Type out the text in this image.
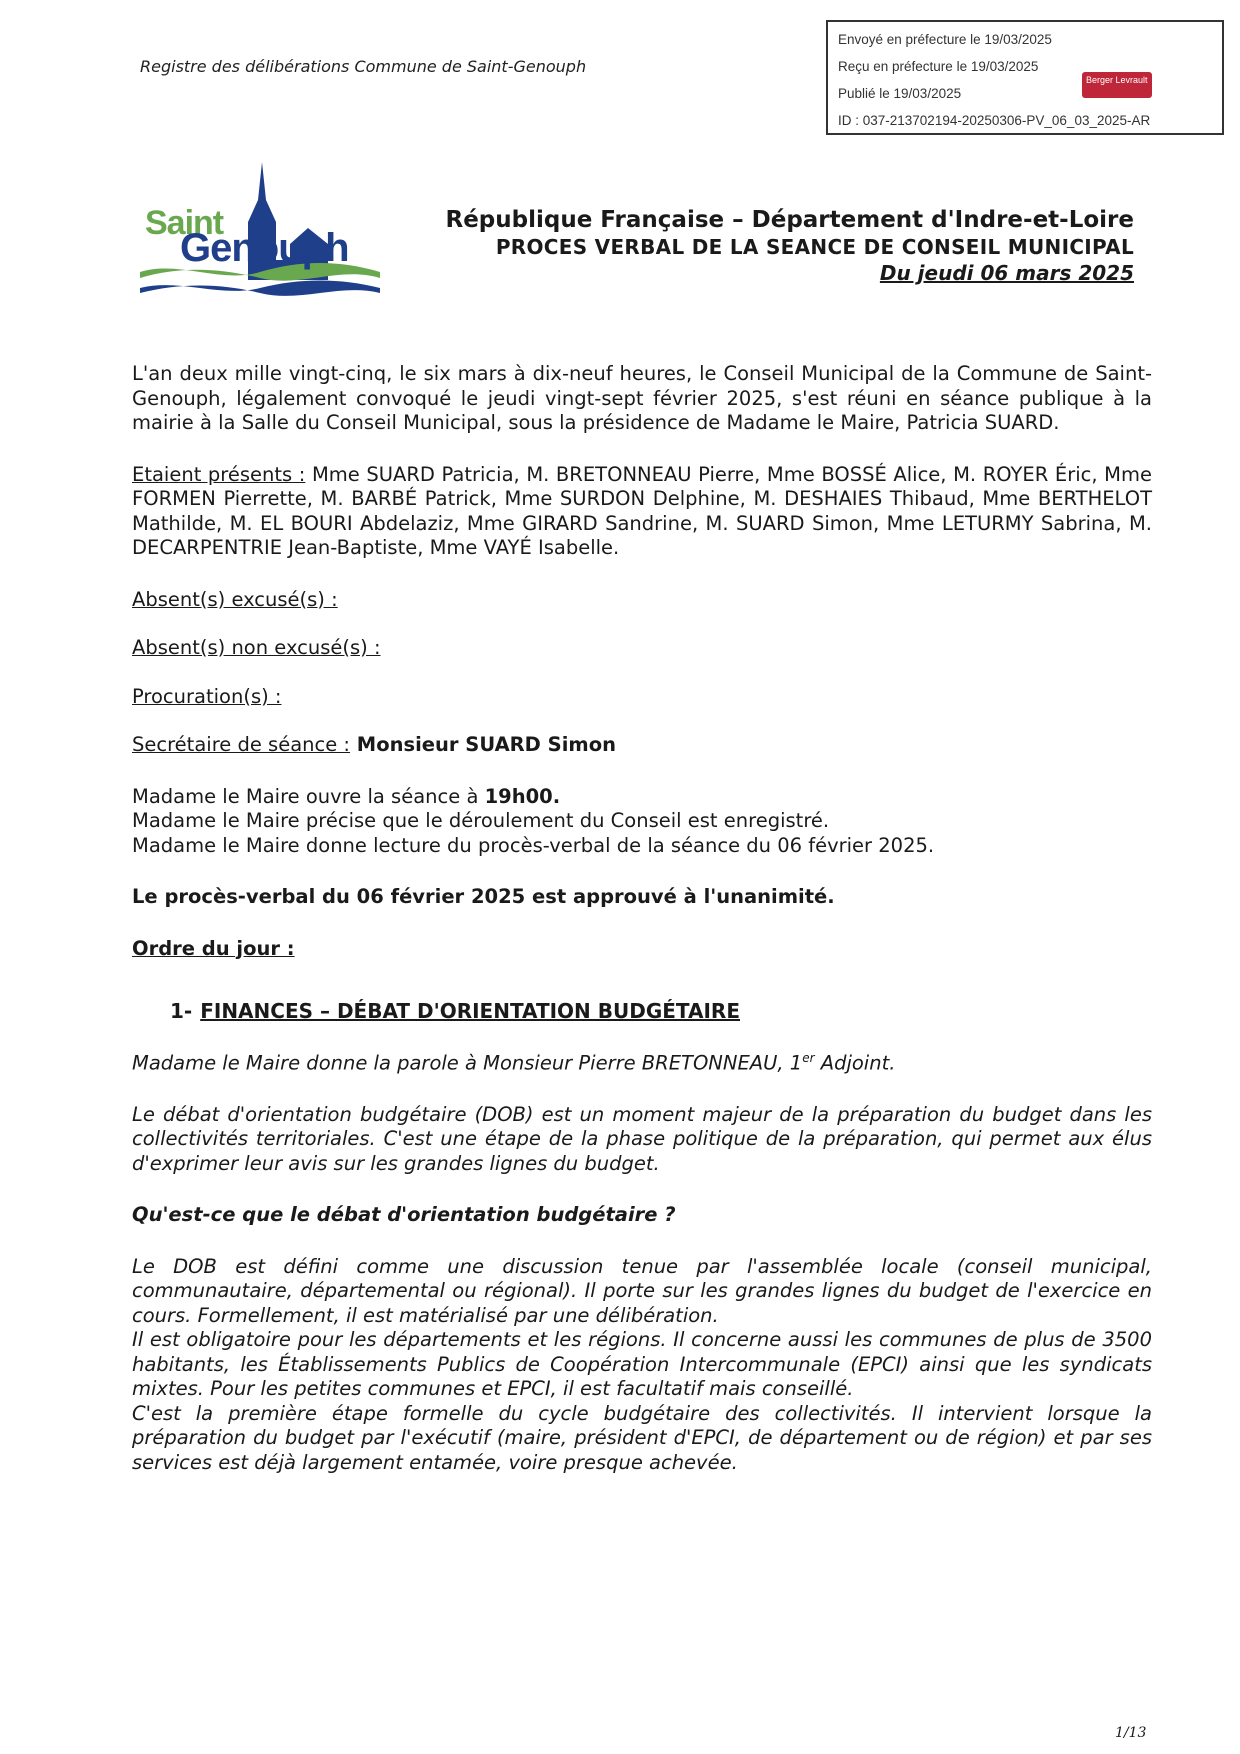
Registre des délibérations Commune de Saint-Genouph
Envoyé en préfecture le 19/03/2025
Reçu en préfecture le 19/03/2025
Publié le 19/03/2025
ID : 037-213702194-20250306-PV_06_03_2025-AR
Berger Levrault
Saint
Genouph
République Française – Département d'Indre-et-Loire
PROCES VERBAL DE LA SEANCE DE CONSEIL MUNICIPAL
Du jeudi 06 mars 2025

L'an deux mille vingt-cinq, le six mars à dix-neuf heures, le Conseil Municipal de la Commune de Saint-Genouph, légalement convoqué le jeudi vingt-sept février 2025, s'est réuni en séance publique à la mairie à la Salle du Conseil Municipal, sous la présidence de Madame le Maire, Patricia SUARD.

Etaient présents : Mme SUARD Patricia, M. BRETONNEAU Pierre, Mme BOSSÉ Alice, M. ROYER Éric, Mme FORMEN Pierrette, M. BARBÉ Patrick, Mme SURDON Delphine, M. DESHAIES Thibaud, Mme BERTHELOT Mathilde, M. EL BOURI Abdelaziz, Mme GIRARD Sandrine, M. SUARD Simon, Mme LETURMY Sabrina, M. DECARPENTRIE Jean-Baptiste, Mme VAYÉ Isabelle.

Absent(s) excusé(s) :

Absent(s) non excusé(s) :

Procuration(s) :

Secrétaire de séance : Monsieur SUARD Simon

Madame le Maire ouvre la séance à 19h00.
Madame le Maire précise que le déroulement du Conseil est enregistré.
Madame le Maire donne lecture du procès-verbal de la séance du 06 février 2025.

Le procès-verbal du 06 février 2025 est approuvé à l'unanimité.

Ordre du jour :

1- FINANCES – DÉBAT D'ORIENTATION BUDGÉTAIRE

Madame le Maire donne la parole à Monsieur Pierre BRETONNEAU, 1er Adjoint.

Le débat d'orientation budgétaire (DOB) est un moment majeur de la préparation du budget dans les collectivités territoriales. C'est une étape de la phase politique de la préparation, qui permet aux élus d'exprimer leur avis sur les grandes lignes du budget.

Qu'est-ce que le débat d'orientation budgétaire ?

Le DOB est défini comme une discussion tenue par l'assemblée locale (conseil municipal, communautaire, départemental ou régional). Il porte sur les grandes lignes du budget de l'exercice en cours. Formellement, il est matérialisé par une délibération.

Il est obligatoire pour les départements et les régions. Il concerne aussi les communes de plus de 3500 habitants, les Établissements Publics de Coopération Intercommunale (EPCI) ainsi que les syndicats mixtes. Pour les petites communes et EPCI, il est facultatif mais conseillé.

C'est la première étape formelle du cycle budgétaire des collectivités. Il intervient lorsque la préparation du budget par l'exécutif (maire, président d'EPCI, de département ou de région) et par ses services est déjà largement entamée, voire presque achevée.

1/13
